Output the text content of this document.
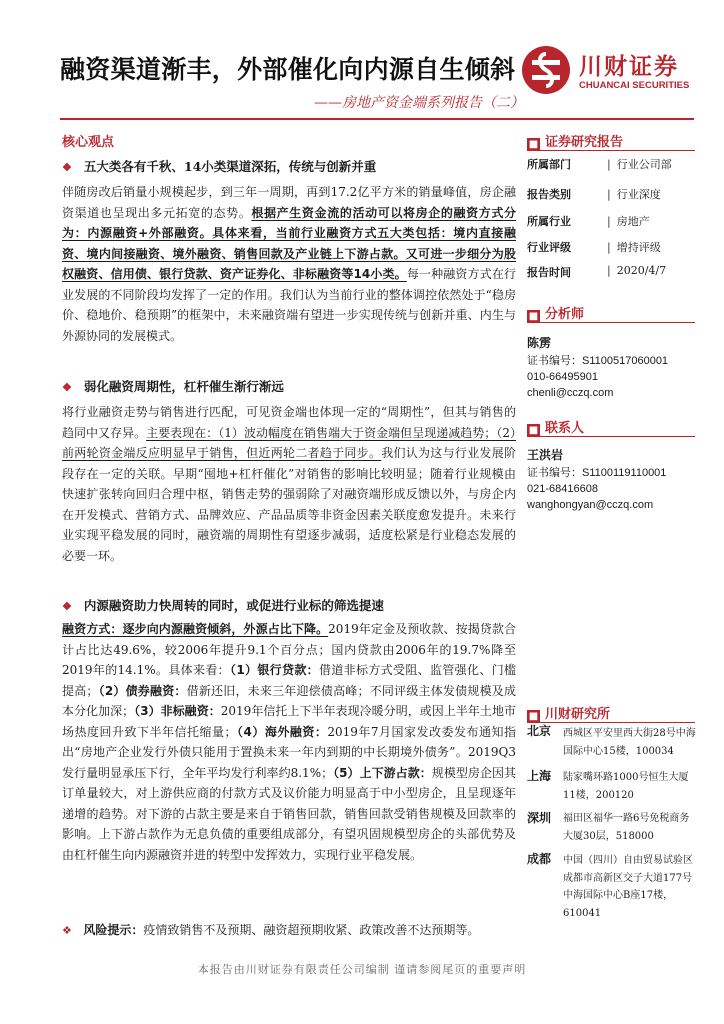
融资渠道渐丰，外部催化向内源自生倾斜	川财证券
CHUANCAI SECURITIES
——房地产资金端系列报告（二）
核心观点
❖ 五大类各有千秋、14小类渠道深拓，传统与创新并重
伴随房改后销量小规模起步，到三年一周期，再到17.2亿平方米的销量峰值，房企融资渠道也呈现出多元拓宽的态势。根据产生资金流的活动可以将房企的融资方式分为：内源融资+外部融资。具体来看，当前行业融资方式五大类包括：境内直接融资、境内间接融资、境外融资、销售回款及产业链上下游占款。又可进一步细分为股权融资、信用债、银行贷款、资产证券化、非标融资等14小类。每一种融资方式在行业发展的不同阶段均发挥了一定的作用。我们认为当前行业的整体调控依然处于“稳房价、稳地价、稳预期”的框架中，未来融资端有望进一步实现传统与创新并重、内生与外源协同的发展模式。
❖ 弱化融资周期性，杠杆催生渐行渐远
将行业融资走势与销售进行匹配，可见资金端也体现一定的“周期性”，但其与销售的趋同中又存异。主要表现在：（1）波动幅度在销售端大于资金端但呈现递减趋势；（2）前两轮资金端反应明显早于销售，但近两轮二者趋于同步。我们认为这与行业发展阶段存在一定的关联。早期“囤地+杠杆催化”对销售的影响比较明显；随着行业规模由快速扩张转向回归合理中枢，销售走势的强弱除了对融资端形成反馈以外，与房企内在开发模式、营销方式、品牌效应、产品品质等非资金因素关联度愈发提升。未来行业实现平稳发展的同时，融资端的周期性有望逐步减弱，适度松紧是行业稳态发展的必要一环。
❖ 内源融资助力快周转的同时，或促进行业标的筛选提速
融资方式：逐步向内源融资倾斜，外源占比下降。2019年定金及预收款、按揭贷款合计占比达49.6%，较2006年提升9.1个百分点；国内贷款由2006年的19.7%降至2019年的14.1%。具体来看：（1）银行贷款：借道非标方式受阻、监管强化、门槛提高；（2）债券融资：借新还旧，未来三年迎偿债高峰；不同评级主体发债规模及成本分化加深；（3）非标融资：2019年信托上下半年表现冷暖分明，或因上半年土地市场热度回升致下半年信托缩量；（4）海外融资：2019年7月国家发改委发布通知指出“房地产企业发行外债只能用于置换未来一年内到期的中长期境外债务”。2019Q3发行量明显承压下行，全年平均发行利率约8.1%；（5）上下游占款：规模型房企因其订单量较大，对上游供应商的付款方式及议价能力明显高于中小型房企，且呈现逐年递增的趋势。对下游的占款主要是来自于销售回款，销售回款受销售规模及回款率的影响。上下游占款作为无息负债的重要组成部分，有望巩固规模型房企的头部优势及由杠杆催生向内源融资并进的转型中发挥效力，实现行业平稳发展。
❖ 风险提示：疫情致销售不及预期、融资超预期收紧、政策改善不达预期等。
■ 证券研究报告
所属部门	| 行业公司部
报告类别	| 行业深度
所属行业	| 房地产
行业评级	| 增持评级
报告时间	| 2020/4/7
■ 分析师
陈雳
证书编号：S1100517060001
010-66495901
chenli@cczq.com
■ 联系人
王洪岩
证书编号：S1100119110001
021-68416608
wanghongyan@cczq.com
■ 川财研究所
北京 西城区平安里西大街28号中海国际中心15楼，100034
上海 陆家嘴环路1000号恒生大厦11楼，200120
深圳 福田区福华一路6号免税商务大厦30层，518000
成都 中国（四川）自由贸易试验区成都市高新区交子大道177号中海国际中心B座17楼，610041
本报告由川财证券有限责任公司编制 谨请参阅尾页的重要声明
